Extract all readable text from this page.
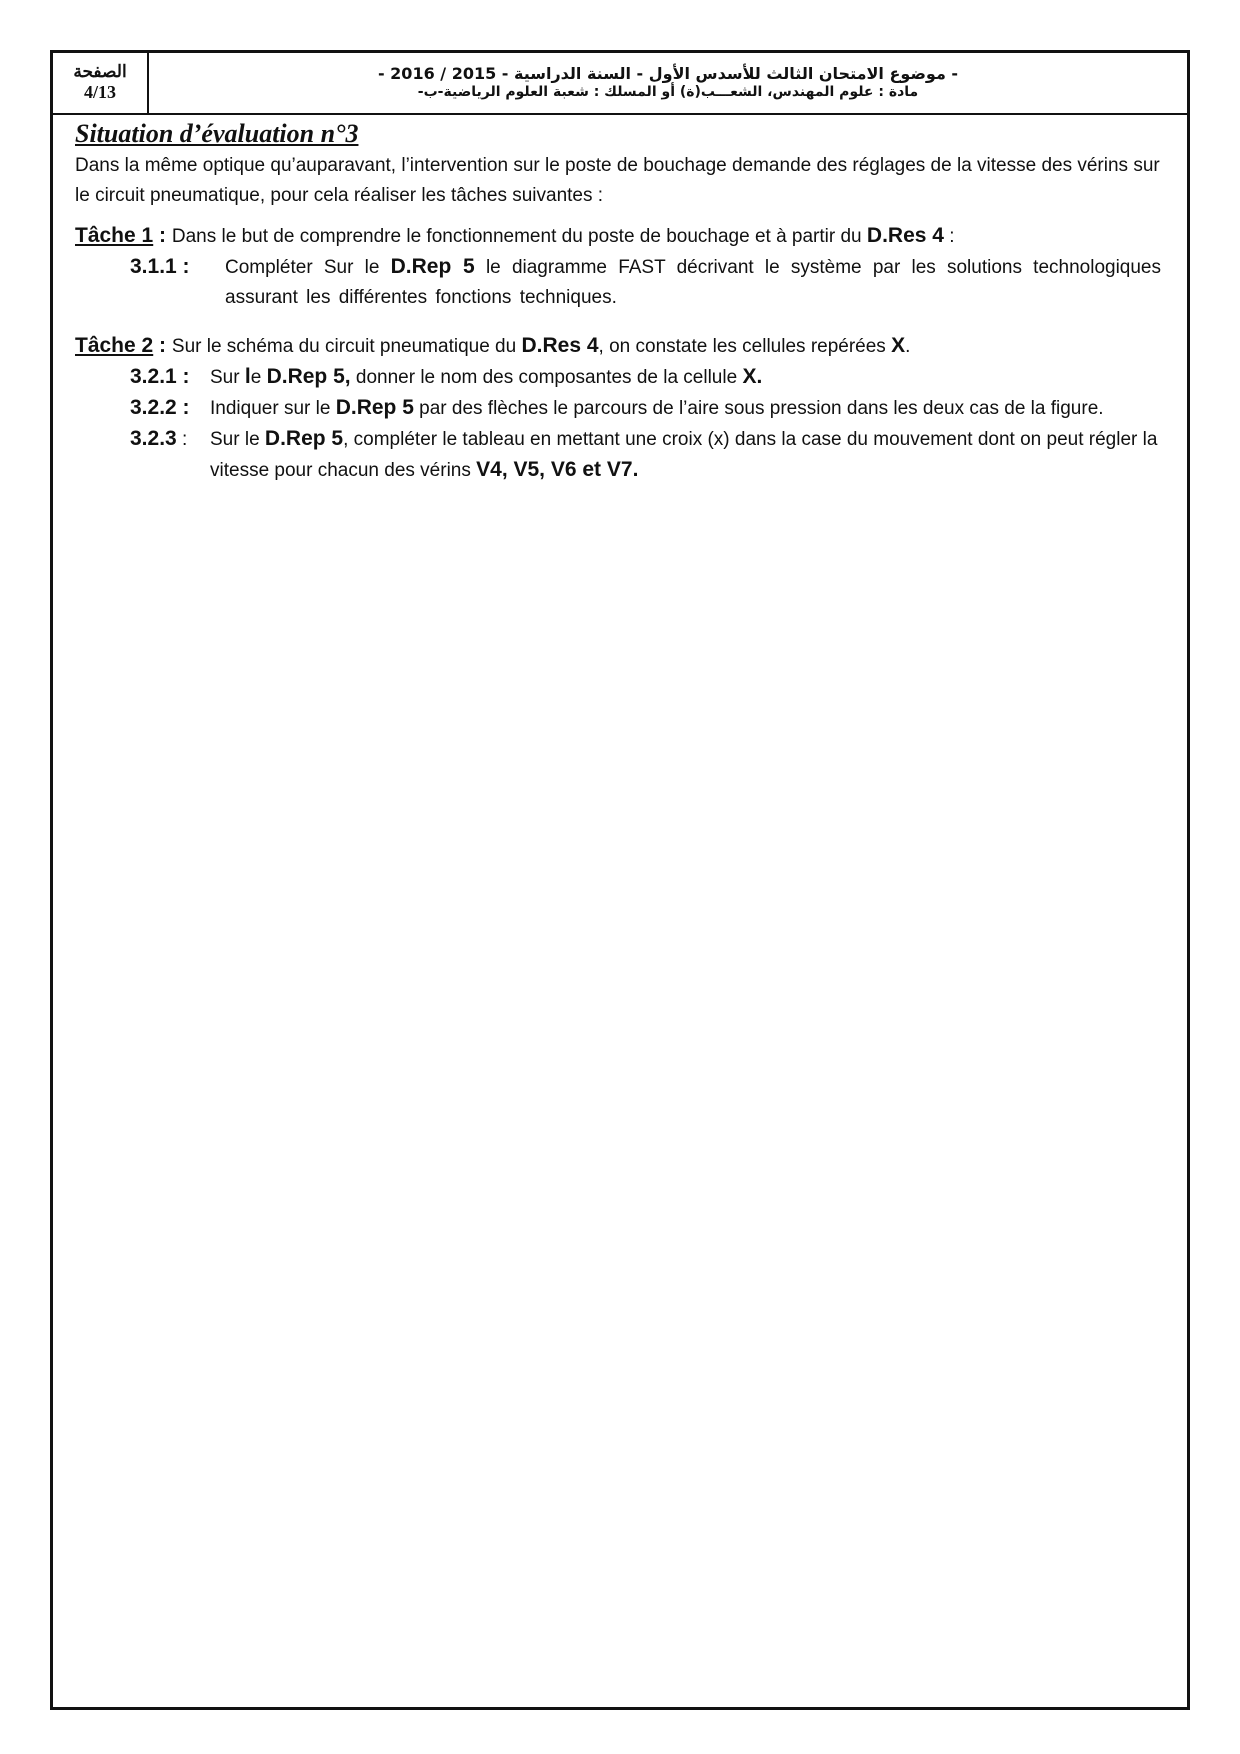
الصفحة
4/13
- موضوع الامتحان الثالث للأسدس الأول - السنة الدراسية - 2015 / 2016 -
مادة : علوم المهندس، الشعـــب(ة) أو المسلك : شعبة العلوم الرياضية-ب-

Situation d’évaluation n°3

Dans la même optique qu’auparavant, l’intervention sur le poste de bouchage demande des réglages de la vitesse des vérins sur le circuit pneumatique, pour cela réaliser les tâches suivantes :

Tâche 1 : Dans le but de comprendre le fonctionnement du poste de bouchage et à partir du D.Res 4 :

3.1.1 :	Compléter Sur le D.Rep 5 le diagramme FAST décrivant le système par les solutions technologiques assurant les différentes fonctions techniques.

Tâche 2 : Sur le schéma du circuit pneumatique du D.Res 4, on constate les cellules repérées X.

3.2.1 :	Sur le D.Rep 5, donner le nom des composantes de la cellule X.
3.2.2 :	Indiquer sur le D.Rep 5 par des flèches le parcours de l’aire sous pression dans les deux cas de la figure.
3.2.3 : Sur le D.Rep 5, compléter le tableau en mettant une croix (x) dans la case du mouvement dont on peut régler la vitesse pour chacun des vérins V4, V5, V6 et V7.
